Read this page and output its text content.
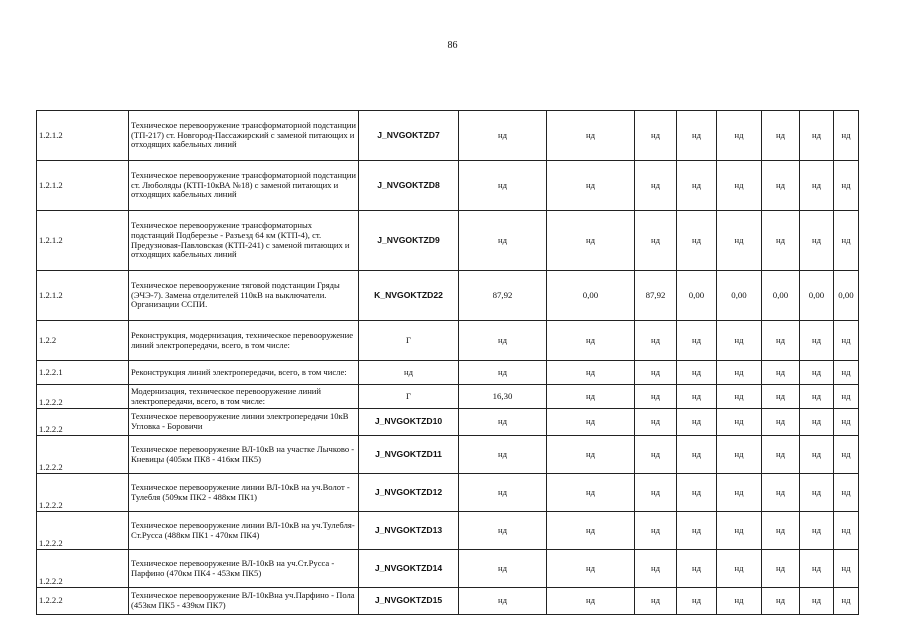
86
1.2.1.2	Техническое перевооружение трансформаторной подстанции (ТП-217) ст. Новгород-Пассажирский с заменой питающих и отходящих кабельных линий	J_NVGOKTZD7	нд	нд	нд	нд	нд	нд	нд	нд
1.2.1.2	Техническое перевооружение трансформаторной подстанции ст. Люболяды (КТП-10кВА №18) с заменой питающих и отходящих кабельных линий	J_NVGOKTZD8	нд	нд	нд	нд	нд	нд	нд	нд
1.2.1.2	Техническое перевооружение трансформаторных подстанций Подберезье - Разъезд 64 км (КТП-4), ст. Предузновая-Павловская (КТП-241) с заменой питающих и отходящих кабельных линий	J_NVGOKTZD9	нд	нд	нд	нд	нд	нд	нд	нд
1.2.1.2	Техническое перевооружение тяговой подстанции Гряды (ЭЧЭ-7). Замена отделителей 110кВ на выключатели. Организации ССПИ.	K_NVGOKTZD22	87,92	0,00	87,92	0,00	0,00	0,00	0,00	0,00
1.2.2	Реконструкция, модернизация, техническое перевооружение линий электропередачи, всего, в том числе:	Г	нд	нд	нд	нд	нд	нд	нд	нд
1.2.2.1	Реконструкция линий электропередачи, всего, в том числе:	нд	нд	нд	нд	нд	нд	нд	нд	нд
1.2.2.2	Модернизация, техническое перевооружение линий электропередачи, всего, в том числе:	Г	16,30	нд	нд	нд	нд	нд	нд	нд
1.2.2.2	Техническое перевооружение линии электропередачи 10кВ Угловка - Боровичи	J_NVGOKTZD10	нд	нд	нд	нд	нд	нд	нд	нд
1.2.2.2	Техническое перевооружение ВЛ-10кВ на участке Лычково - Кневицы (405км ПК8 - 416км ПК5)	J_NVGOKTZD11	нд	нд	нд	нд	нд	нд	нд	нд
1.2.2.2	Техническое перевооружение линии ВЛ-10кВ на уч.Волот - Тулебля (509км ПК2 - 488км ПК1)	J_NVGOKTZD12	нд	нд	нд	нд	нд	нд	нд	нд
1.2.2.2	Техническое перевооружение линии ВЛ-10кВ на уч.Тулебля- Ст.Русса (488км ПК1 - 470км ПК4)	J_NVGOKTZD13	нд	нд	нд	нд	нд	нд	нд	нд
1.2.2.2	Техническое перевооружение ВЛ-10кВ на уч.Ст.Русса - Парфино (470км ПК4 - 453км ПК5)	J_NVGOKTZD14	нд	нд	нд	нд	нд	нд	нд	нд
1.2.2.2	Техническое перевооружение ВЛ-10кВна уч.Парфино - Пола (453км ПК5 - 439км ПК7)	J_NVGOKTZD15	нд	нд	нд	нд	нд	нд	нд	нд
